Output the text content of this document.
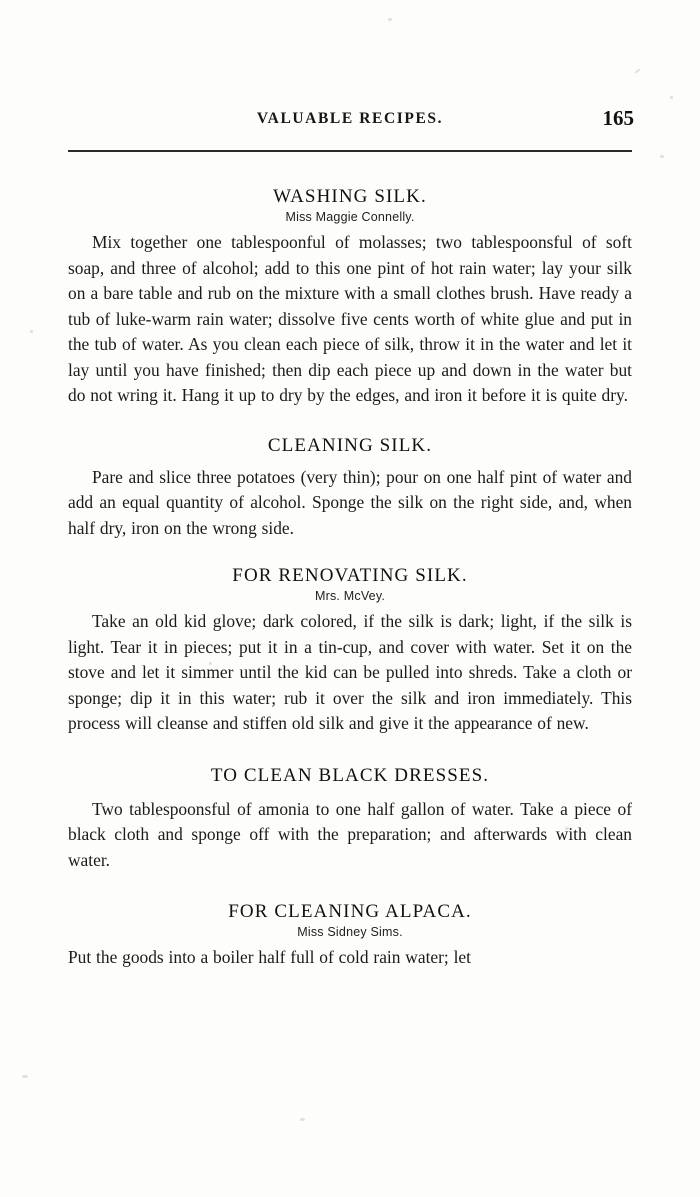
VALUABLE RECIPES.	165
WASHING SILK.
Miss Maggie Connelly.

Mix together one tablespoonful of molasses; two tablespoonsful of soft soap, and three of alcohol; add to this one pint of hot rain water; lay your silk on a bare table and rub on the mixture with a small clothes brush. Have ready a tub of luke-warm rain water; dissolve five cents worth of white glue and put in the tub of water. As you clean each piece of silk, throw it in the water and let it lay until you have finished; then dip each piece up and down in the water but do not wring it. Hang it up to dry by the edges, and iron it before it is quite dry.

CLEANING SILK.

Pare and slice three potatoes (very thin); pour on one half pint of water and add an equal quantity of alcohol. Sponge the silk on the right side, and, when half dry, iron on the wrong side.

FOR RENOVATING SILK.
Mrs. McVey.

Take an old kid glove; dark colored, if the silk is dark; light, if the silk is light. Tear it in pieces; put it in a tin-cup, and cover with water. Set it on the stove and let it simmer until the kid can be pulled into shreds. Take a cloth or sponge; dip it in this water; rub it over the silk and iron immediately. This process will cleanse and stiffen old silk and give it the appearance of new.

TO CLEAN BLACK DRESSES.

Two tablespoonsful of amonia to one half gallon of water. Take a piece of black cloth and sponge off with the preparation; and afterwards with clean water.

FOR CLEANING ALPACA.
Miss Sidney Sims.

Put the goods into a boiler half full of cold rain water; let
